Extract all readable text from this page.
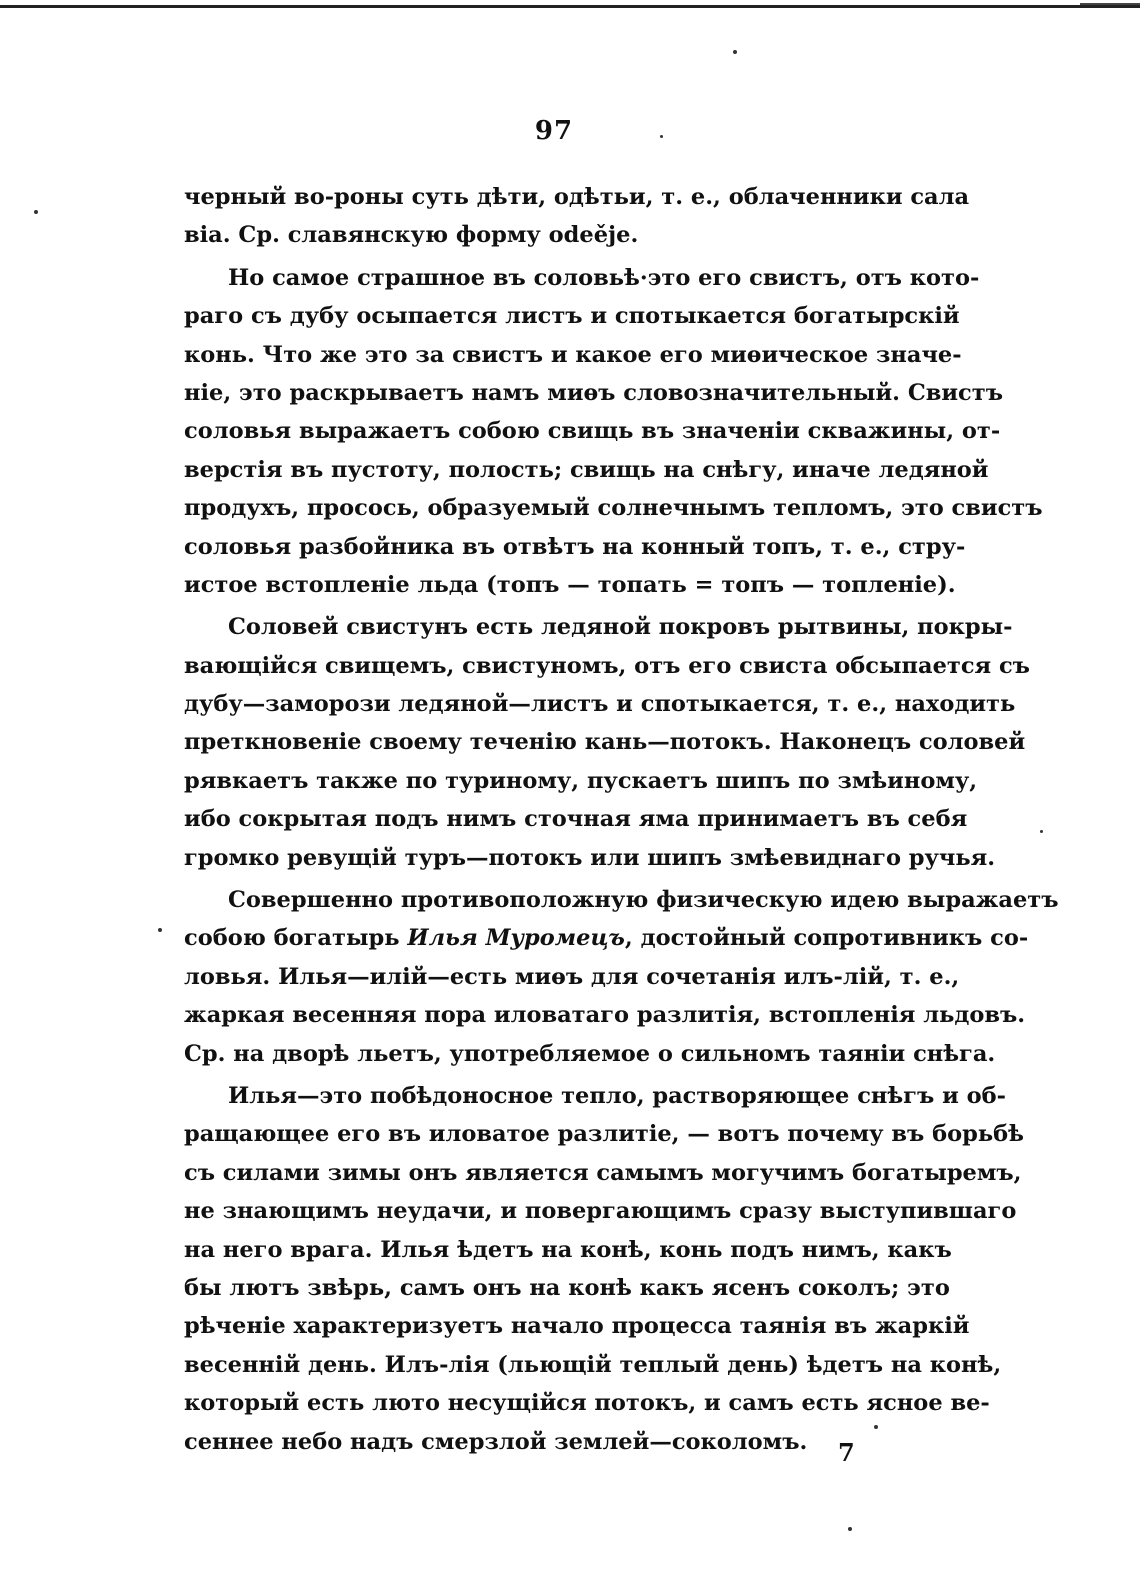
97
черный во-роны суть дѣти, одѣтьи, т. е., облаченники сала
віа. Ср. славянскую форму odeěje.
Но самое страшное въ соловьѣ·это его свистъ, отъ кото-
раго съ дубу осыпается листъ и спотыкается богатырскій
конь. Что же это за свистъ и какое его миѳическое значе-
ніе, это раскрываетъ намъ миѳъ словозначительный. Свистъ
соловья выражаетъ собою свищь въ значеніи скважины, от-
верстія въ пустоту, полость; свищь на снѣгу, иначе ледяной
продухъ, просось, образуемый солнечнымъ тепломъ, это свистъ
соловья разбойника въ отвѣтъ на конный топъ, т. е., стру-
истое встопленіе льда (топъ — топать = топъ — топленіе).
Соловей свистунъ есть ледяной покровъ рытвины, покры-
вающійся свищемъ, свистуномъ, отъ его свиста обсыпается съ
дубу—заморози ледяной—листъ и спотыкается, т. е., находить
преткновеніе своему теченію кань—потокъ. Наконецъ соловей
рявкаетъ также по туриному, пускаетъ шипъ по змѣиному,
ибо сокрытая подъ нимъ сточная яма принимаетъ въ себя
громко ревущій туръ—потокъ или шипъ змѣевиднаго ручья.
Совершенно противоположную физическую идею выражаетъ
собою богатырь Илья Муромецъ, достойный сопротивникъ со-
ловья. Илья—илій—есть миѳъ для сочетанія илъ-лій, т. е.,
жаркая весенняя пора иловатаго разлитія, встопленія льдовъ.
Ср. на дворѣ льетъ, употребляемое о сильномъ таяніи снѣга.
Илья—это побѣдоносное тепло, растворяющее снѣгъ и об-
ращающее его въ иловатое разлитіе, — вотъ почему въ борьбѣ
съ силами зимы онъ является самымъ могучимъ богатыремъ,
не знающимъ неудачи, и повергающимъ сразу выступившаго
на него врага. Илья ѣдетъ на конѣ, конь подъ нимъ, какъ
бы лютъ звѣрь, самъ онъ на конѣ какъ ясенъ соколъ; это
рѣченіе характеризуетъ начало процесса таянія въ жаркій
весенній день. Илъ-лія (льющій теплый день) ѣдетъ на конѣ,
который есть люто несущійся потокъ, и самъ есть ясное ве-
сеннее небо надъ смерзлой землей—соколомъ.	7
